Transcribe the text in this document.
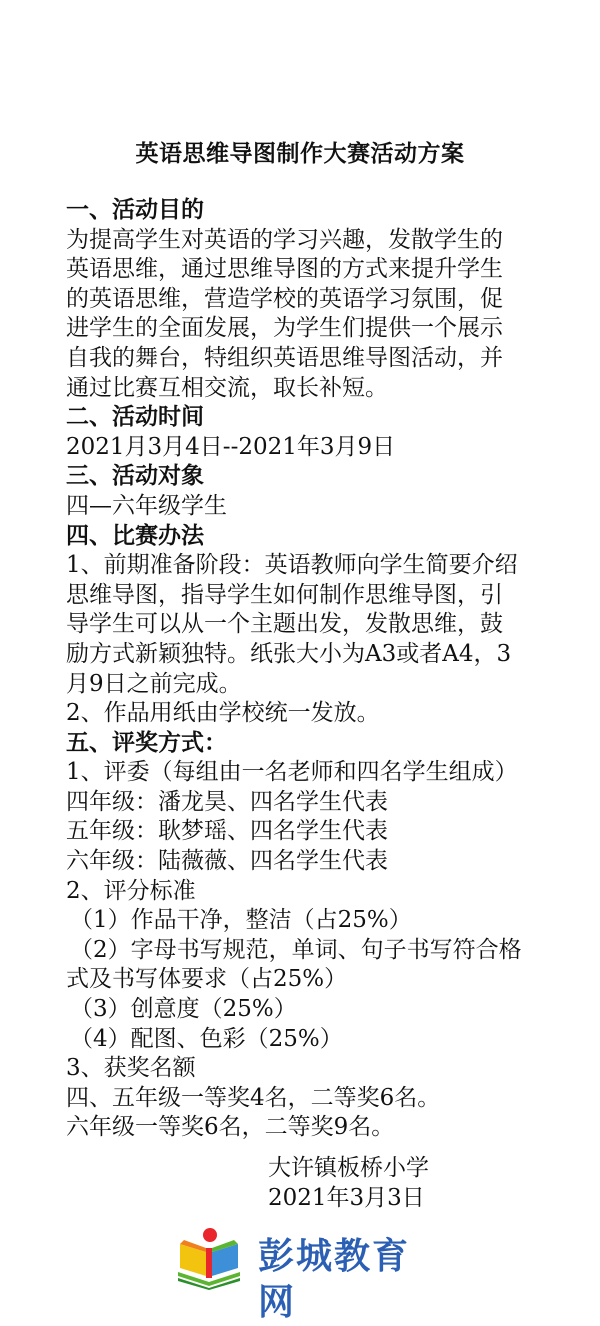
英语思维导图制作大赛活动方案
一、活动目的
为提高学生对英语的学习兴趣，发散学生的
英语思维，通过思维导图的方式来提升学生
的英语思维，营造学校的英语学习氛围，促
进学生的全面发展，为学生们提供一个展示
自我的舞台，特组织英语思维导图活动，并
通过比赛互相交流，取长补短。
二、活动时间
2021月3月4日--2021年3月9日
三、活动对象
四—六年级学生
四、比赛办法
1、前期准备阶段：英语教师向学生简要介绍
思维导图，指导学生如何制作思维导图，引
导学生可以从一个主题出发，发散思维，鼓
励方式新颖独特。纸张大小为A3或者A4，3
月9日之前完成。
2、作品用纸由学校统一发放。
五、评奖方式：
1、评委（每组由一名老师和四名学生组成）
四年级：潘龙昊、四名学生代表
五年级：耿梦瑶、四名学生代表
六年级：陆薇薇、四名学生代表
2、评分标准
（1）作品干净，整洁（占25%）
（2）字母书写规范，单词、句子书写符合格
式及书写体要求（占25%）
（3）创意度（25%）
（4）配图、色彩（25%）
3、获奖名额
四、五年级一等奖4名，二等奖6名。
六年级一等奖6名，二等奖9名。
大许镇板桥小学
2021年3月3日
彭城教育网
